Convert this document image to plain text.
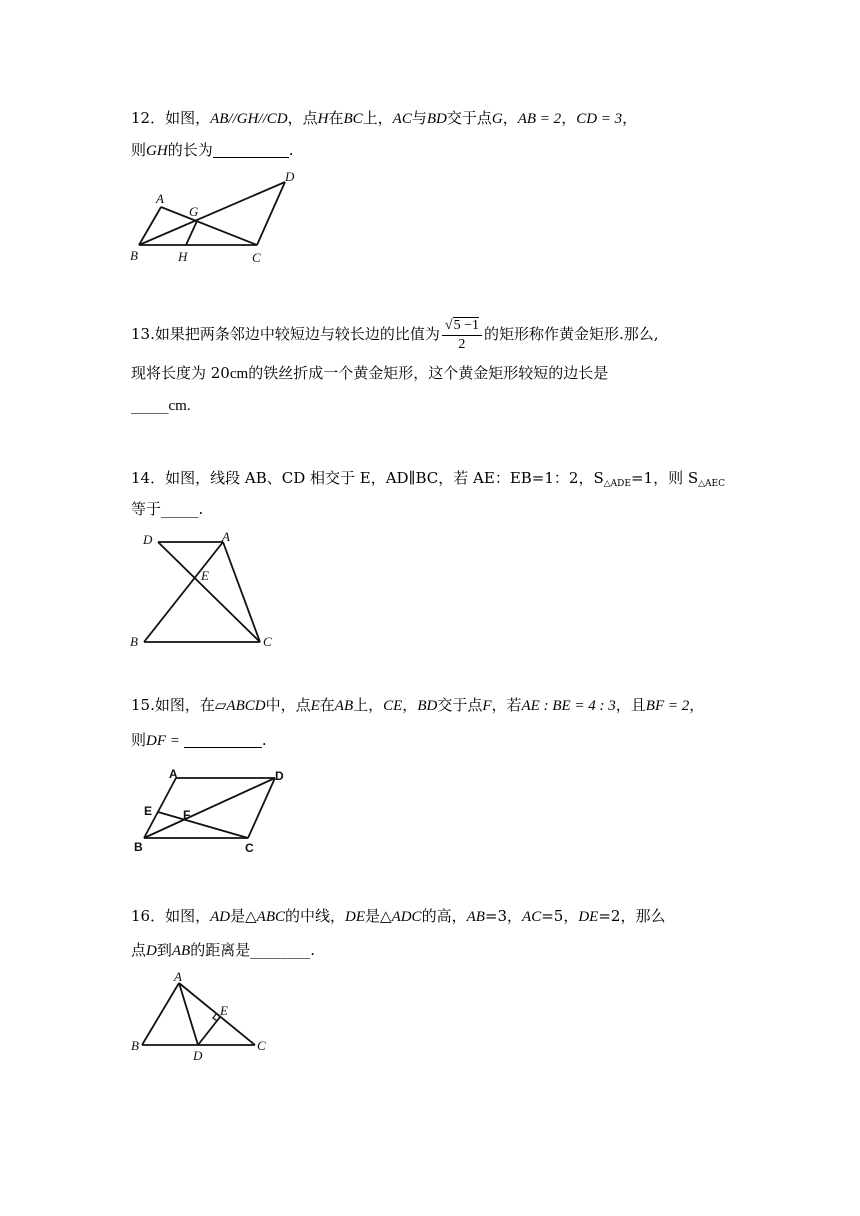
12．如图，AB//GH//CD，点H在BC上，AC与BD交于点G，AB = 2，CD = 3，
则GH的长为	.
A
B	C
D
G
H
13.如果把两条邻边中较短边与较长边的比值为 $\frac{√5 -1}{2}$ 的矩形称作黄金矩形.那么,
现将长度为 20cm的铁丝折成一个黄金矩形，这个黄金矩形较短的边长是
_____cm.
14．如图，线段 AB、CD 相交于 E，AD∥BC，若 AE：EB=1：2，$S_{\triangle ADE}=1$，则 $S_{\triangle AEC}$
等于_____.
D	A
E
B	C
15.如图，在▱ABCD中，点E在AB上，CE，BD交于点F，若AE : BE = 4 : 3，且BF = 2，
则DF =	.
A	D
E	F
B	C
16．如图，AD是△ABC的中线，DE是△ADC的高，AB=3，AC=5，DE=2，那么
点D到AB的距离是________.
A
B	C
D
E
